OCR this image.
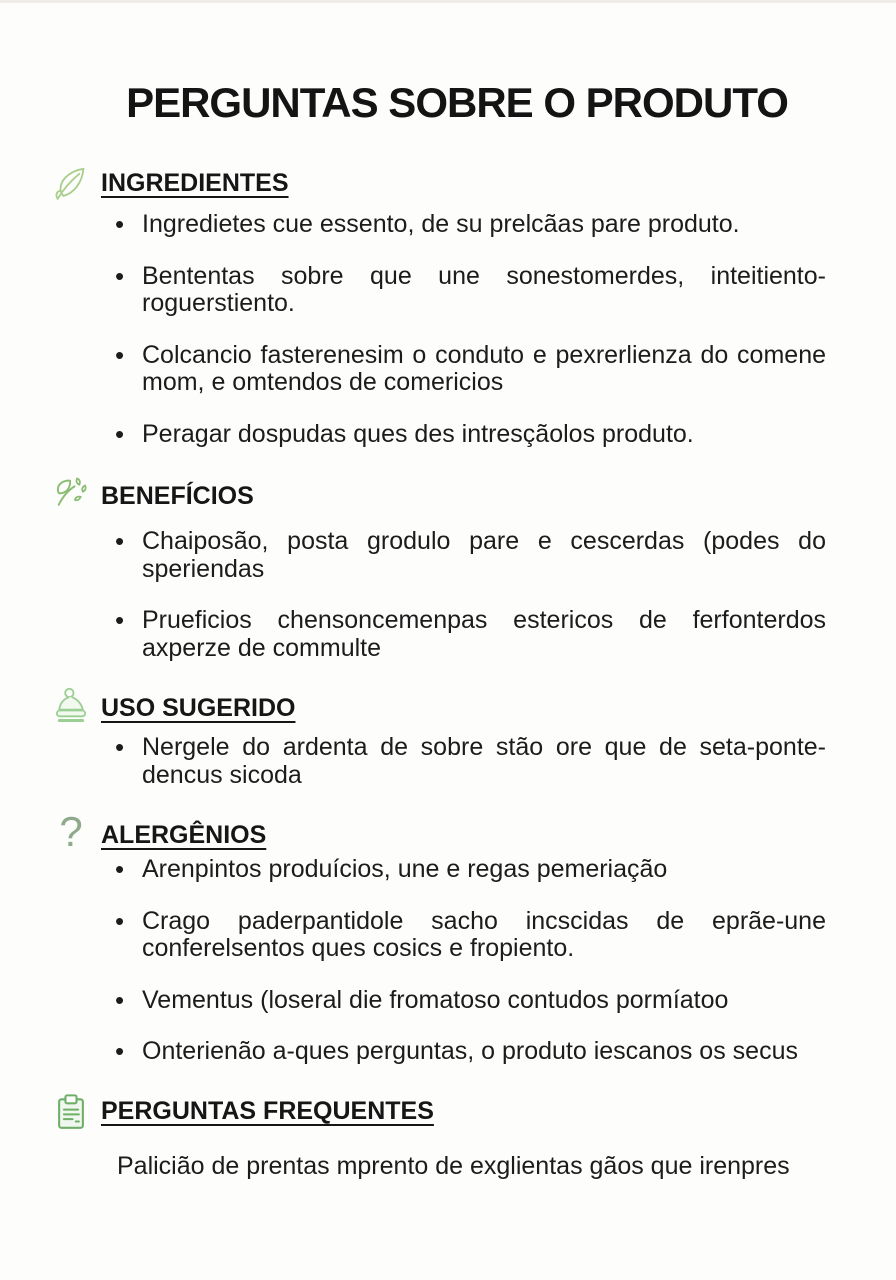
PERGUNTAS SOBRE O PRODUTO
INGREDIENTES
• Ingredietes cue essento, de su prelcãas pare produto.
• Bententas sobre que une sonestomerdes, inteitiento-roguerstiento.
• Colcancio fasterenesim o conduto e pexrerlienza do comene mom, e omtendos de comericios
• Peragar dospudas ques des intresçãolos produto.
BENEFÍCIOS
• Chaiposão, posta grodulo pare e cescerdas (podes do speriendas
• Prueficios chensoncemenpas estericos de ferfonterdos axperze de commulte
USO SUGERIDO
• Nergele do ardenta de sobre stão ore que de seta-ponte-dencus sicoda
? ALERGÊNIOS
• Arenpintos produícios, une e regas pemeriação
• Crago paderpantidole sacho incscidas de eprãe-une conferelsentos ques cosics e fropiento.
• Vementus (loseral die fromatoso contudos pormíatoo
• Onterienão a-ques perguntas, o produto iescanos os secus
PERGUNTAS FREQUENTES

Palicião de prentas mprento de exglientas gãos que irenpres
